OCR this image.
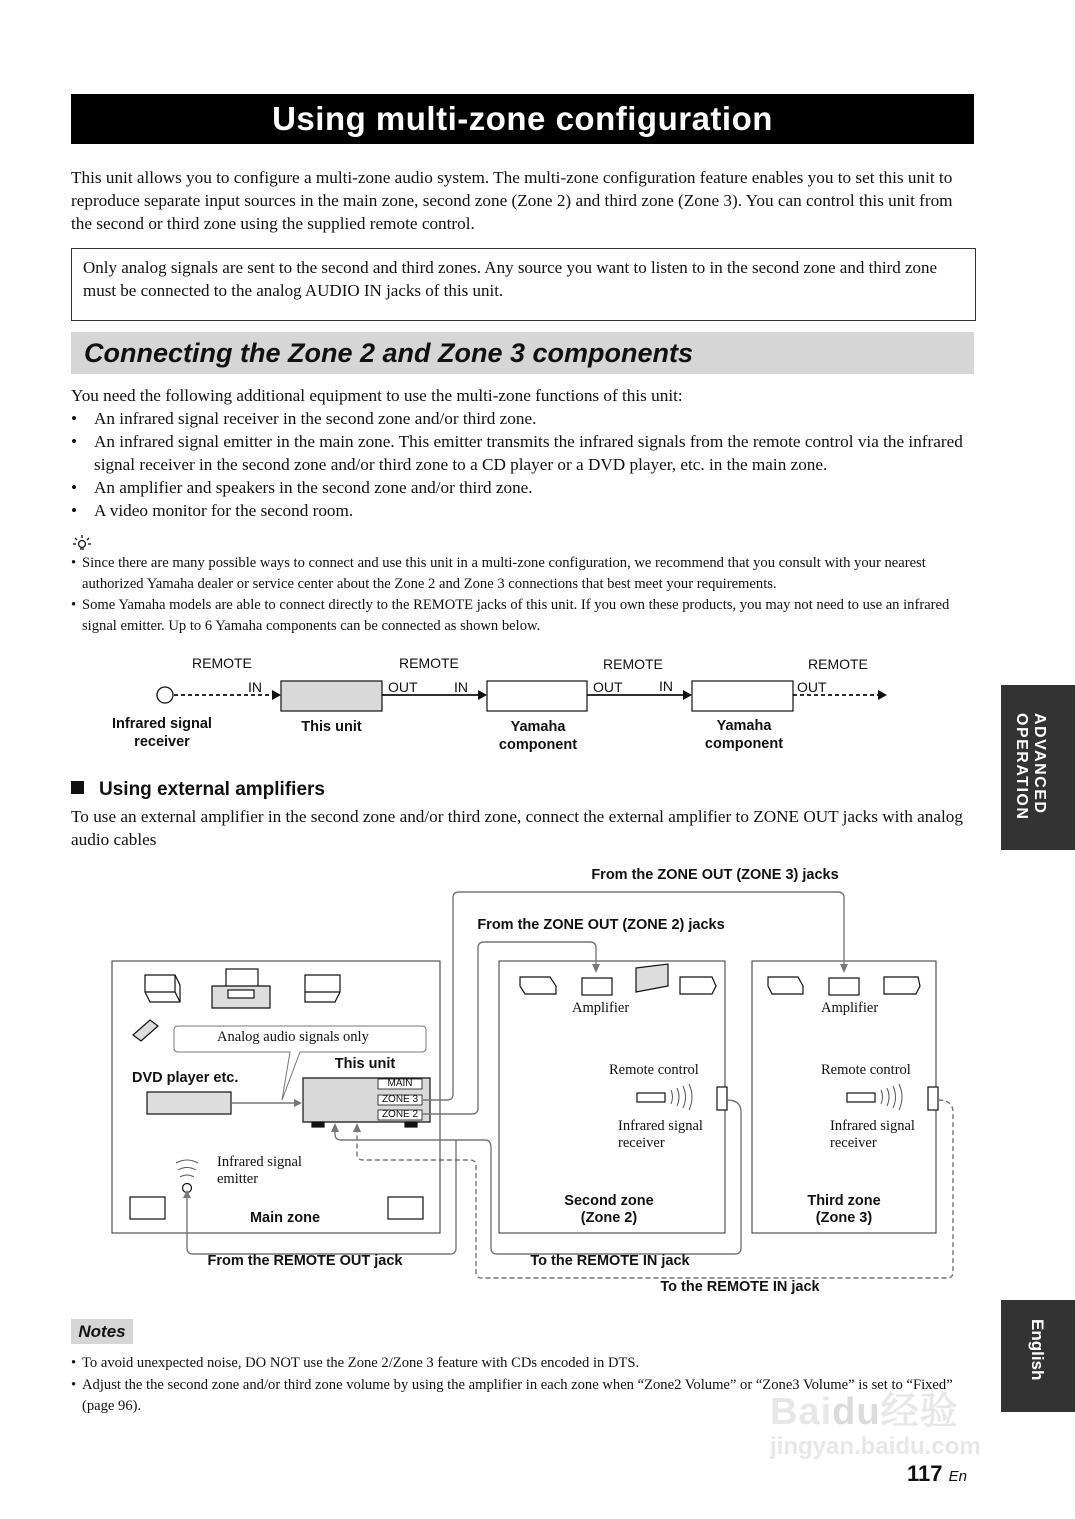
Using multi-zone configuration
This unit allows you to configure a multi-zone audio system. The multi-zone configuration feature enables you to set this unit to reproduce separate input sources in the main zone, second zone (Zone 2) and third zone (Zone 3). You can control this unit from the second or third zone using the supplied remote control.
Only analog signals are sent to the second and third zones. Any source you want to listen to in the second zone and third zone must be connected to the analog AUDIO IN jacks of this unit.
Connecting the Zone 2 and Zone 3 components
You need the following additional equipment to use the multi-zone functions of this unit:
• An infrared signal receiver in the second zone and/or third zone.
• An infrared signal emitter in the main zone. This emitter transmits the infrared signals from the remote control via the infrared signal receiver in the second zone and/or third zone to a CD player or a DVD player, etc. in the main zone.
• An amplifier and speakers in the second zone and/or third zone.
• A video monitor for the second room.
• Since there are many possible ways to connect and use this unit in a multi-zone configuration, we recommend that you consult with your nearest authorized Yamaha dealer or service center about the Zone 2 and Zone 3 connections that best meet your requirements.
• Some Yamaha models are able to connect directly to the REMOTE jacks of this unit. If you own these products, you may not need to use an infrared signal emitter. Up to 6 Yamaha components can be connected as shown below.
REMOTE	REMOTE	REMOTE	REMOTE
IN	OUT	IN	OUT	IN	OUT
Infrared signal
receiver
This unit	Yamaha
component
Yamaha
component
Using external amplifiers
To use an external amplifier in the second zone and/or third zone, connect the external amplifier to ZONE OUT jacks with analog audio cables
From the ZONE OUT (ZONE 3) jacks
From the ZONE OUT (ZONE 2) jacks
Analog audio signals only
This unit
DVD player etc.	MAIN
ZONE 3
ZONE 2
Infrared signal
emitter
Main zone
Amplifier	Amplifier
Remote control	Remote control
Infrared signal
receiver
Infrared signal
receiver
Second zone
(Zone 2)
Third zone
(Zone 3)
From the REMOTE OUT jack	To the REMOTE IN jack
To the REMOTE IN jack
Notes
• To avoid unexpected noise, DO NOT use the Zone 2/Zone 3 feature with CDs encoded in DTS.
• Adjust the the second zone and/or third zone volume by using the amplifier in each zone when “Zone2 Volume” or “Zone3 Volume” is set to “Fixed” (page 96).
ADVANCED
OPERATION
English
Baidu经验
jingyan.baidu.com
117 En
